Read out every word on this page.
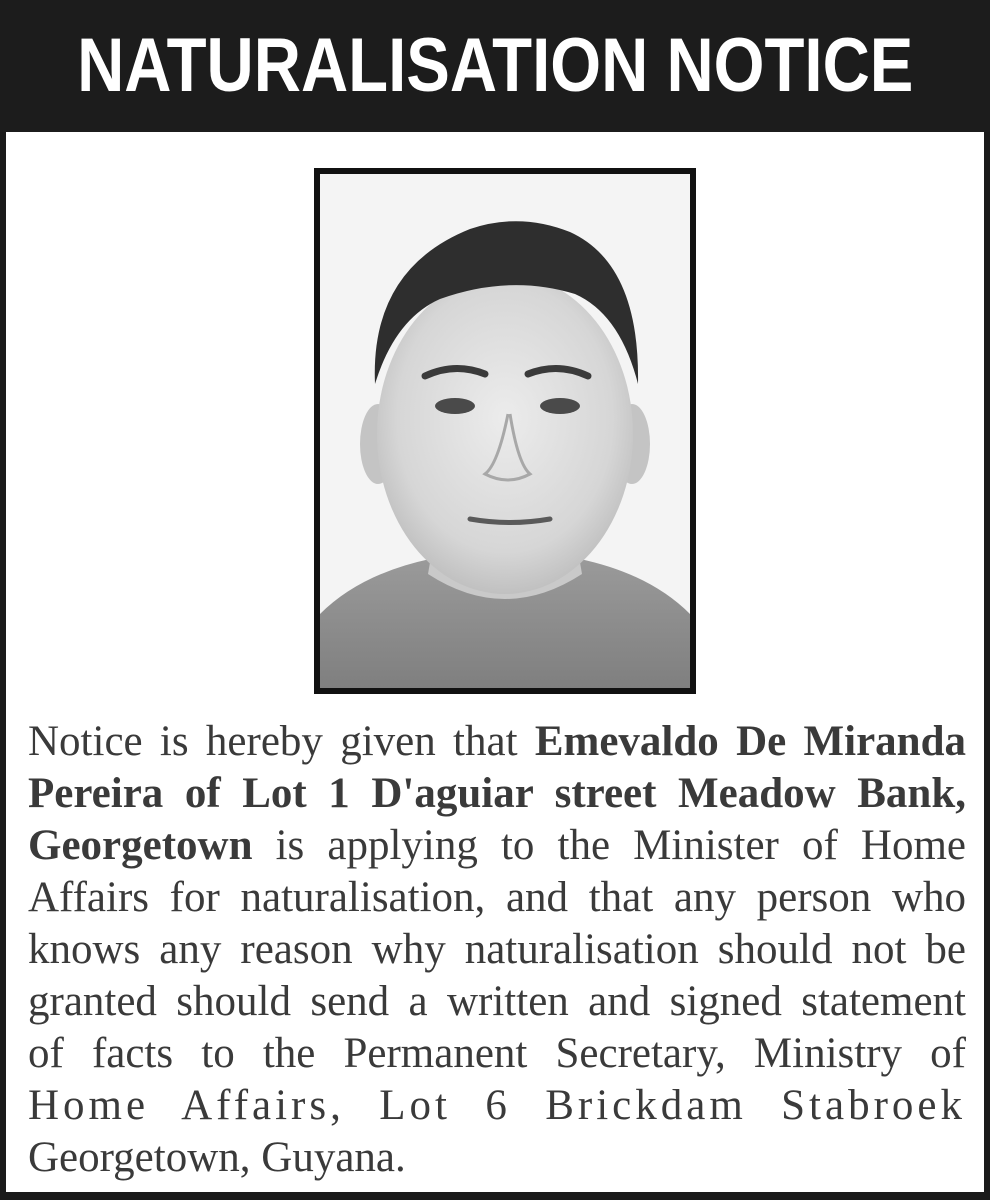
NATURALISATION NOTICE
Notice is hereby given that Emevaldo De Miranda
Pereira of Lot 1 D'aguiar street Meadow Bank,
Georgetown is applying to the Minister of Home
Affairs for naturalisation, and that any person who
knows any reason why naturalisation should not be
granted should send a written and signed statement
of facts to the Permanent Secretary, Ministry of
Home Affairs, Lot 6 Brickdam Stabroek
Georgetown, Guyana.
